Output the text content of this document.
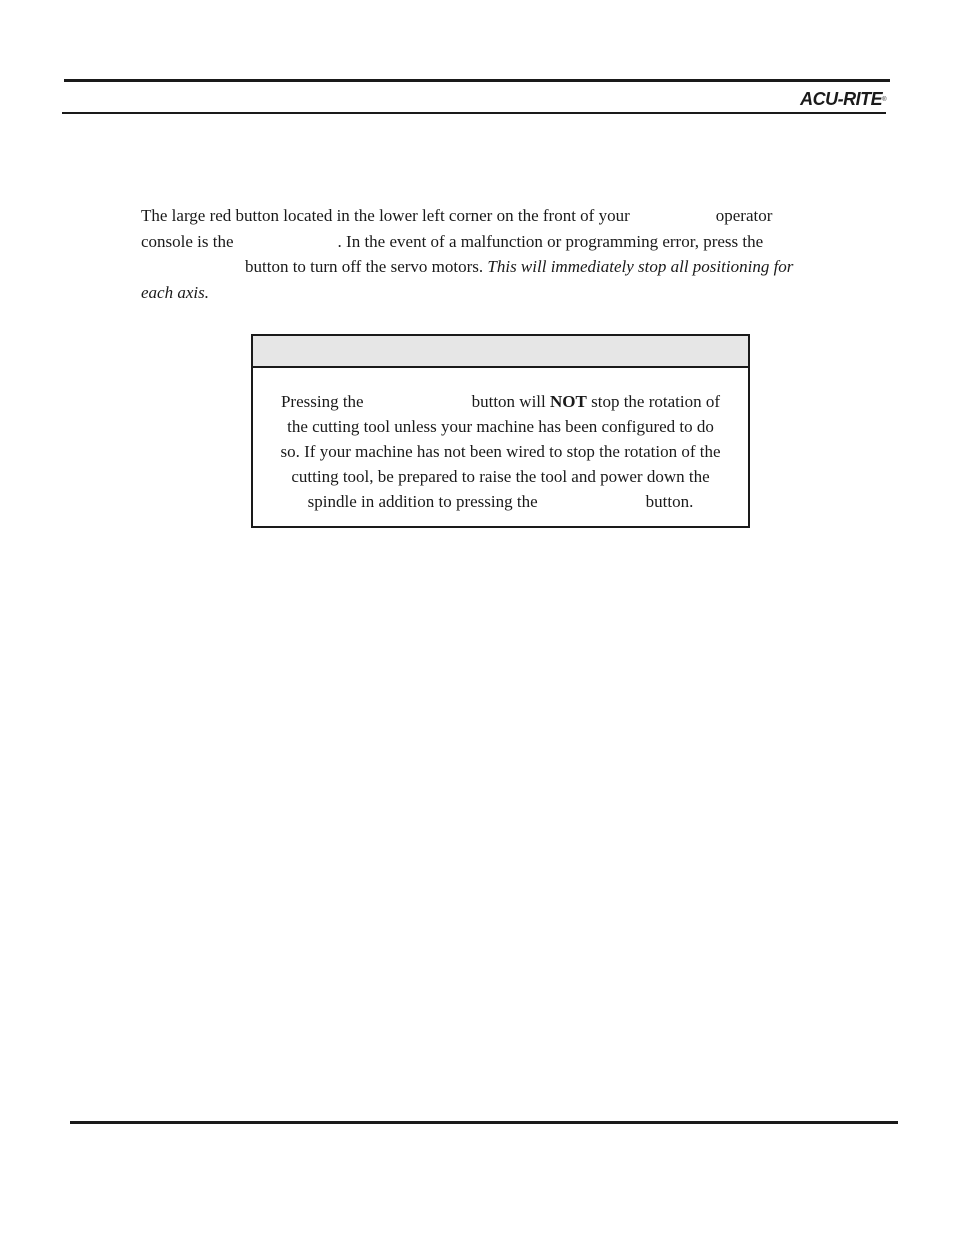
ACU-RITE®
The large red button located in the lower left corner on the front of your	operator
console is the	. In the event of a malfunction or programming error, press the
button to turn off the servo motors. This will immediately stop all positioning for
each axis.
Pressing the	button will NOT stop the rotation of
the cutting tool unless your machine has been configured to do
so. If your machine has not been wired to stop the rotation of the
cutting tool, be prepared to raise the tool and power down the
spindle in addition to pressing the	button.
